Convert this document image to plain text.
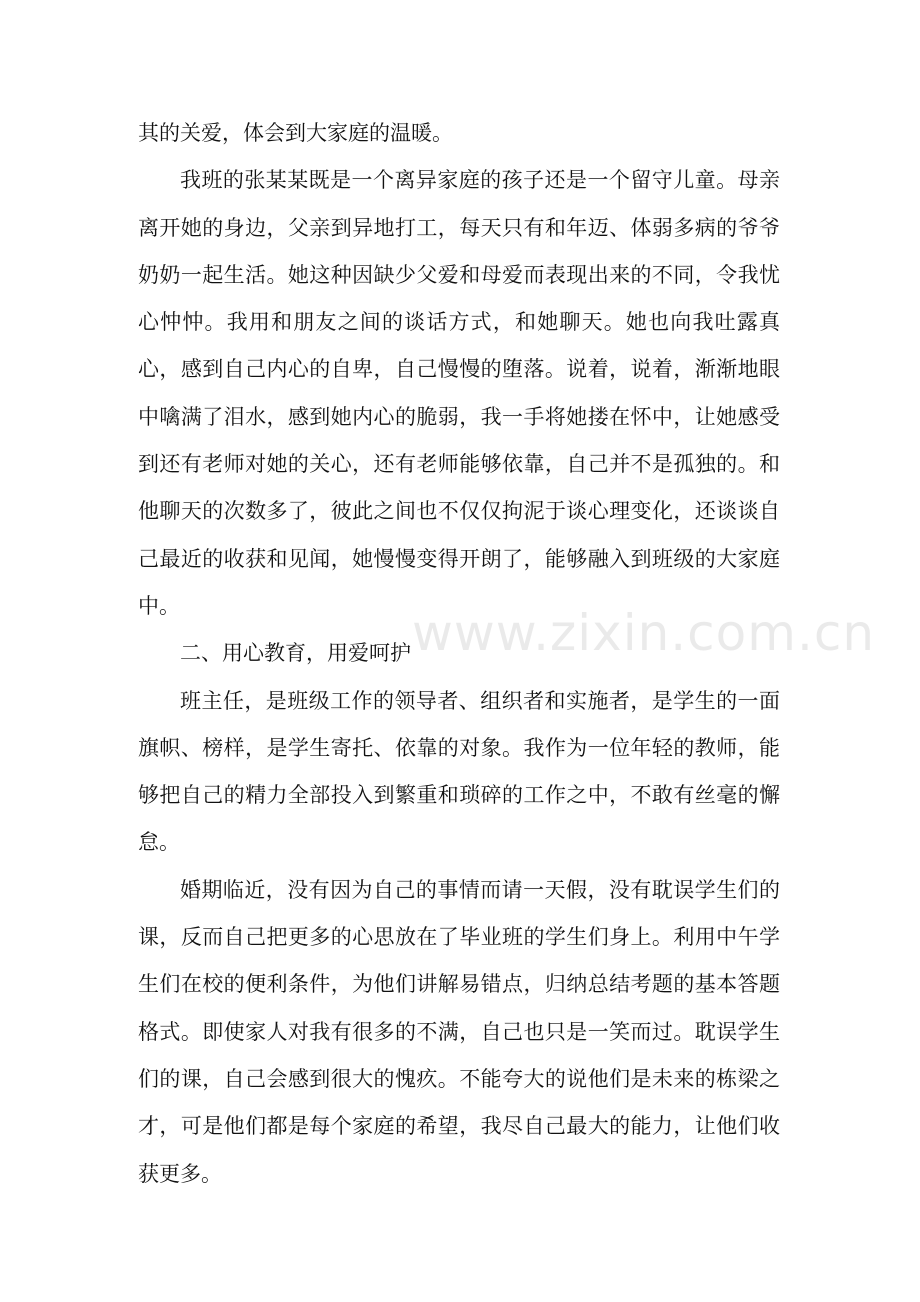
其的关爱，体会到大家庭的温暖。

我班的张某某既是一个离异家庭的孩子还是一个留守儿童。母亲离开她的身边，父亲到异地打工，每天只有和年迈、体弱多病的爷爷奶奶一起生活。她这种因缺少父爱和母爱而表现出来的不同，令我忧心忡忡。我用和朋友之间的谈话方式，和她聊天。她也向我吐露真心，感到自己内心的自卑，自己慢慢的堕落。说着，说着，渐渐地眼中噙满了泪水，感到她内心的脆弱，我一手将她搂在怀中，让她感受到还有老师对她的关心，还有老师能够依靠，自己并不是孤独的。和他聊天的次数多了，彼此之间也不仅仅拘泥于谈心理变化，还谈谈自己最近的收获和见闻，她慢慢变得开朗了，能够融入到班级的大家庭中。

二、用心教育，用爱呵护

班主任，是班级工作的领导者、组织者和实施者，是学生的一面旗帜、榜样，是学生寄托、依靠的对象。我作为一位年轻的教师，能够把自己的精力全部投入到繁重和琐碎的工作之中，不敢有丝毫的懈怠。

婚期临近，没有因为自己的事情而请一天假，没有耽误学生们的课，反而自己把更多的心思放在了毕业班的学生们身上。利用中午学生们在校的便利条件，为他们讲解易错点，归纳总结考题的基本答题格式。即使家人对我有很多的不满，自己也只是一笑而过。耽误学生们的课，自己会感到很大的愧疚。不能夸大的说他们是未来的栋梁之才，可是他们都是每个家庭的希望，我尽自己最大的能力，让他们收获更多。

www.zixin.com.cn
